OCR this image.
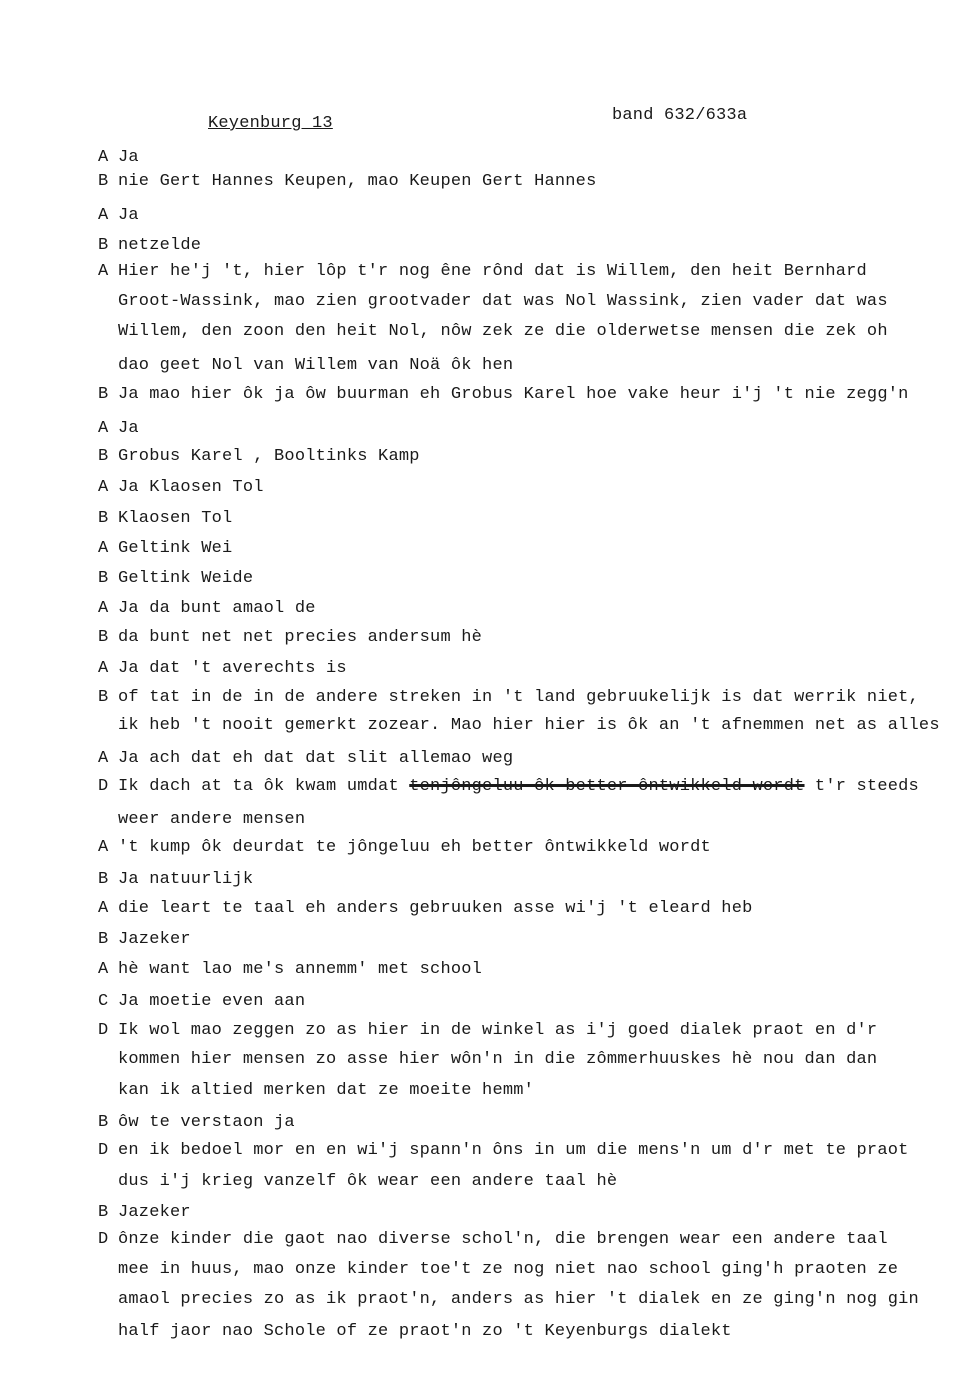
Keyenburg 13	band 632/633a
A Ja
B nie Gert Hannes Keupen, mao Keupen Gert Hannes
A Ja
B netzelde
A Hier he'j 't, hier lôp t'r nog êne rônd dat is Willem, den heit Bernhard
Groot-Wassink, mao zien grootvader dat was Nol Wassink, zien vader dat was
Willem, den zoon den heit Nol, nôw zek ze die olderwetse mensen die zek oh
dao geet Nol van Willem van Noä ôk hen
B Ja mao hier ôk ja ôw buurman eh Grobus Karel hoe vake heur i'j 't nie zegg'n
A Ja
B Grobus Karel , Booltinks Kamp
A Ja Klaosen Tol
B Klaosen Tol
A Geltink Wei
B Geltink Weide
A Ja da bunt amaol de
B da bunt net net precies andersum hè
A Ja dat 't averechts is
B of tat in de in de andere streken in 't land gebruukelijk is dat werrik niet,
ik heb 't nooit gemerkt zozear. Mao hier hier is ôk an 't afnemmen net as alles
A Ja ach dat eh dat dat slit allemao weg
D Ik dach at ta ôk kwam umdat tenjôngeluu ôk better ôntwikkeld wordt t'r steeds
weer andere mensen
A 't kump ôk deurdat te jôngeluu eh better ôntwikkeld wordt
B Ja natuurlijk
A die leart te taal eh anders gebruuken asse wi'j 't eleard heb
B Jazeker
A hè want lao me's annemm' met school
C Ja moetie even aan
D Ik wol mao zeggen zo as hier in de winkel as i'j goed dialek praot en d'r
kommen hier mensen zo asse hier wôn'n in die zômmerhuuskes hè nou dan dan
kan ik altied merken dat ze moeite hemm'
B ôw te verstaon ja
D en ik bedoel mor en en wi'j spann'n ôns in um die mens'n um d'r met te praot
dus i'j krieg vanzelf ôk wear een andere taal hè
B Jazeker
D ônze kinder die gaot nao diverse schol'n, die brengen wear een andere taal
mee in huus, mao onze kinder toe't ze nog niet nao school ging'h praoten ze
amaol precies zo as ik praot'n, anders as hier 't dialek en ze ging'n nog gin
half jaor nao Schole of ze praot'n zo 't Keyenburgs dialekt
